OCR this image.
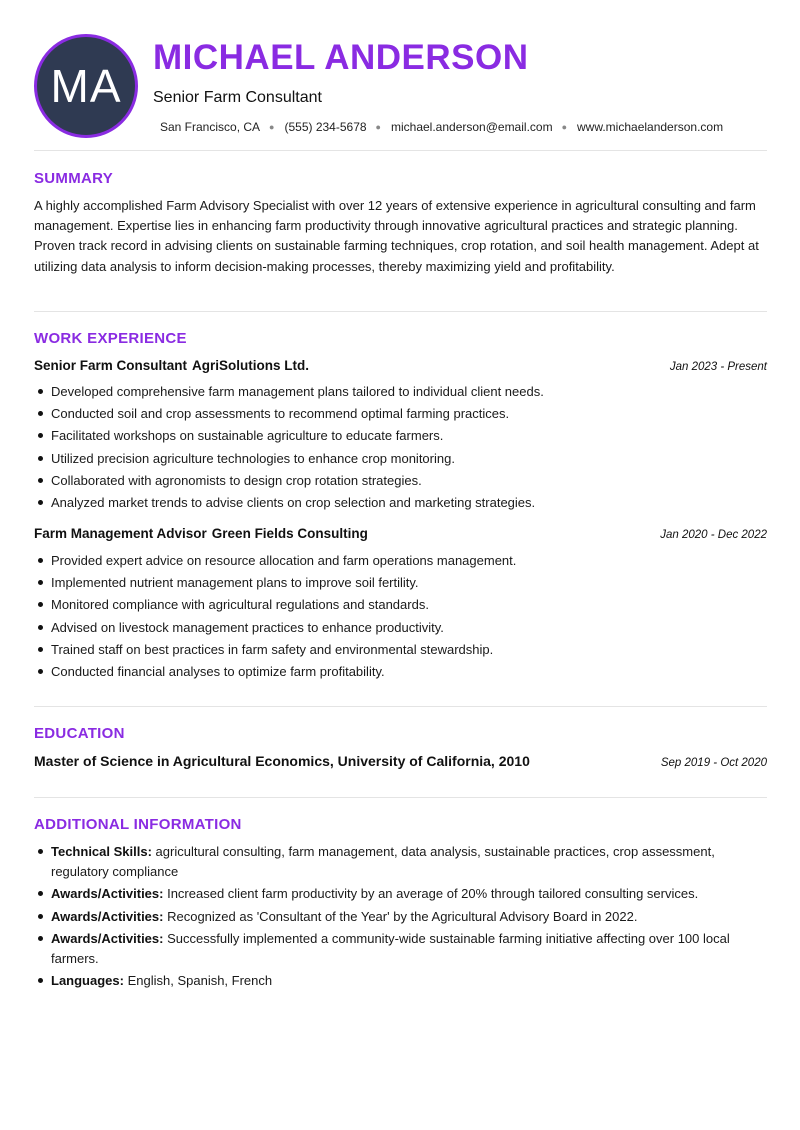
MA
MICHAEL ANDERSON
Senior Farm Consultant
San Francisco, CA ● (555) 234-5678 ● michael.anderson@email.com ● www.michaelanderson.com
SUMMARY

A highly accomplished Farm Advisory Specialist with over 12 years of extensive experience in agricultural consulting and farm management. Expertise lies in enhancing farm productivity through innovative agricultural practices and strategic planning. Proven track record in advising clients on sustainable farming techniques, crop rotation, and soil health management. Adept at utilizing data analysis to inform decision-making processes, thereby maximizing yield and profitability.

WORK EXPERIENCE
Senior Farm Consultant AgriSolutions Ltd.	Jan 2023 - Present
Developed comprehensive farm management plans tailored to individual client needs.
Conducted soil and crop assessments to recommend optimal farming practices.
Facilitated workshops on sustainable agriculture to educate farmers.
Utilized precision agriculture technologies to enhance crop monitoring.
Collaborated with agronomists to design crop rotation strategies.
Analyzed market trends to advise clients on crop selection and marketing strategies.
Farm Management Advisor Green Fields Consulting	Jan 2020 - Dec 2022
Provided expert advice on resource allocation and farm operations management.
Implemented nutrient management plans to improve soil fertility.
Monitored compliance with agricultural regulations and standards.
Advised on livestock management practices to enhance productivity.
Trained staff on best practices in farm safety and environmental stewardship.
Conducted financial analyses to optimize farm profitability.
EDUCATION
Master of Science in Agricultural Economics, University of California, 2010	Sep 2019 - Oct 2020
ADDITIONAL INFORMATION
Technical Skills: agricultural consulting, farm management, data analysis, sustainable practices, crop assessment, regulatory compliance
Awards/Activities: Increased client farm productivity by an average of 20% through tailored consulting services.
Awards/Activities: Recognized as 'Consultant of the Year' by the Agricultural Advisory Board in 2022.
Awards/Activities: Successfully implemented a community-wide sustainable farming initiative affecting over 100 local farmers.
Languages: English, Spanish, French
